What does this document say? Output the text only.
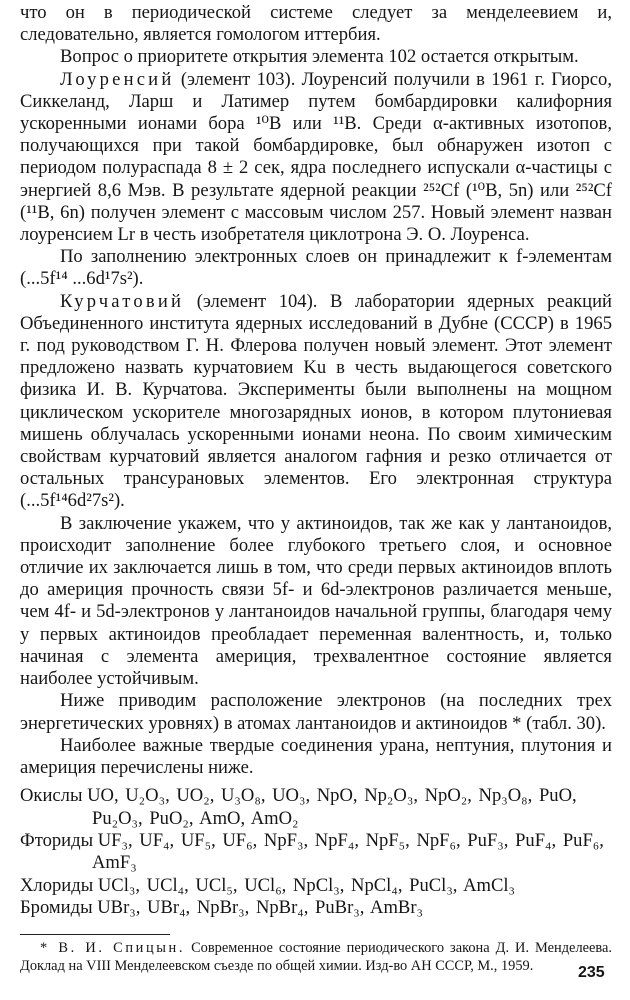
что он в периодической системе следует за менделеевием и, следовательно, является гомологом иттербия.

Вопрос о приоритете открытия элемента 102 остается открытым.

Лоуренсий (элемент 103). Лоуренсий получили в 1961 г. Гиорсо, Сиккеланд, Ларш и Латимер путем бомбардировки калифорния ускоренными ионами бора ¹⁰B или ¹¹B. Среди α-активных изотопов, получающихся при такой бомбардировке, был обнаружен изотоп с периодом полураспада 8 ± 2 сек, ядра последнего испускали α-частицы с энергией 8,6 Мэв. В результате ядерной реакции ²⁵²Cf (¹⁰B, 5n) или ²⁵²Cf (¹¹B, 6n) получен элемент с массовым числом 257. Новый элемент назван лоуренсием Lr в честь изобретателя циклотрона Э. О. Лоуренса.

По заполнению электронных слоев он принадлежит к f-элементам (...5f¹⁴ ...6d¹7s²).

Курчатовий (элемент 104). В лаборатории ядерных реакций Объединенного института ядерных исследований в Дубне (СССР) в 1965 г. под руководством Г. Н. Флерова получен новый элемент. Этот элемент предложено назвать курчатовием Ku в честь выдающегося советского физика И. В. Курчатова. Эксперименты были выполнены на мощном циклическом ускорителе многозарядных ионов, в котором плутониевая мишень облучалась ускоренными ионами неона. По своим химическим свойствам курчатовий является аналогом гафния и резко отличается от остальных трансурановых элементов. Его электронная структура (...5f¹⁴6d²7s²).

В заключение укажем, что у актиноидов, так же как у лантаноидов, происходит заполнение более глубокого третьего слоя, и основное отличие их заключается лишь в том, что среди первых актиноидов вплоть до америция прочность связи 5f- и 6d-электронов различается меньше, чем 4f- и 5d-электронов у лантаноидов начальной группы, благодаря чему у первых актиноидов преобладает переменная валентность, и, только начиная с элемента америция, трехвалентное состояние является наиболее устойчивым.

Ниже приводим расположение электронов (на последних трех энергетических уровнях) в атомах лантаноидов и актиноидов * (табл. 30).

Наиболее важные твердые соединения урана, нептуния, плутония и америция перечислены ниже.

Окислы UO, U₂O₃, UO₂, U₃O₈, UO₃, NpO, Np₂O₃, NpO₂, Np₃O₈, PuO, Pu₂O₃, PuO₂, AmO, AmO₂

Фториды UF₃, UF₄, UF₅, UF₆, NpF₃, NpF₄, NpF₅, NpF₆, PuF₃, PuF₄, PuF₆, AmF₃

Хлориды UCl₃, UCl₄, UCl₅, UCl₆, NpCl₃, NpCl₄, PuCl₃, AmCl₃

Бромиды UBr₃, UBr₄, NpBr₃, NpBr₄, PuBr₃, AmBr₃

* В. И. Спицын. Современное состояние периодического закона Д. И. Менделеева. Доклад на VIII Менделеевском съезде по общей химии. Изд-во АН СССР, М., 1959.	235
